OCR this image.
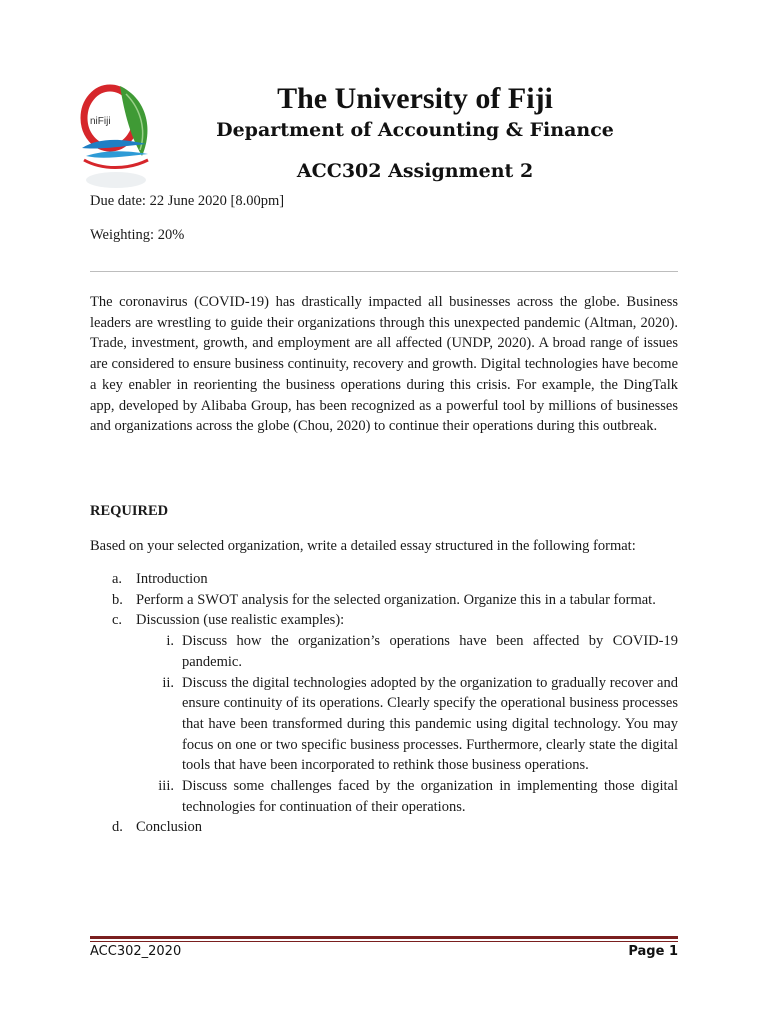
niFiji
The University of Fiji
Department of Accounting & Finance
ACC302 Assignment 2
Due date: 22 June 2020 [8.00pm]
Weighting: 20%
The coronavirus (COVID-19) has drastically impacted all businesses across the globe. Business leaders are wrestling to guide their organizations through this unexpected pandemic (Altman, 2020). Trade, investment, growth, and employment are all affected (UNDP, 2020). A broad range of issues are considered to ensure business continuity, recovery and growth. Digital technologies have become a key enabler in reorienting the business operations during this crisis. For example, the DingTalk app, developed by Alibaba Group, has been recognized as a powerful tool by millions of businesses and organizations across the globe (Chou, 2020) to continue their operations during this outbreak.
REQUIRED
Based on your selected organization, write a detailed essay structured in the following format:
a. Introduction
b. Perform a SWOT analysis for the selected organization. Organize this in a tabular format.
c. Discussion (use realistic examples):
i. Discuss how the organization’s operations have been affected by COVID-19 pandemic.
ii. Discuss the digital technologies adopted by the organization to gradually recover and ensure continuity of its operations. Clearly specify the operational business processes that have been transformed during this pandemic using digital technology. You may focus on one or two specific business processes. Furthermore, clearly state the digital tools that have been incorporated to rethink those business operations.
iii. Discuss some challenges faced by the organization in implementing those digital technologies for continuation of their operations.
d. Conclusion
ACC302_2020	Page 1
